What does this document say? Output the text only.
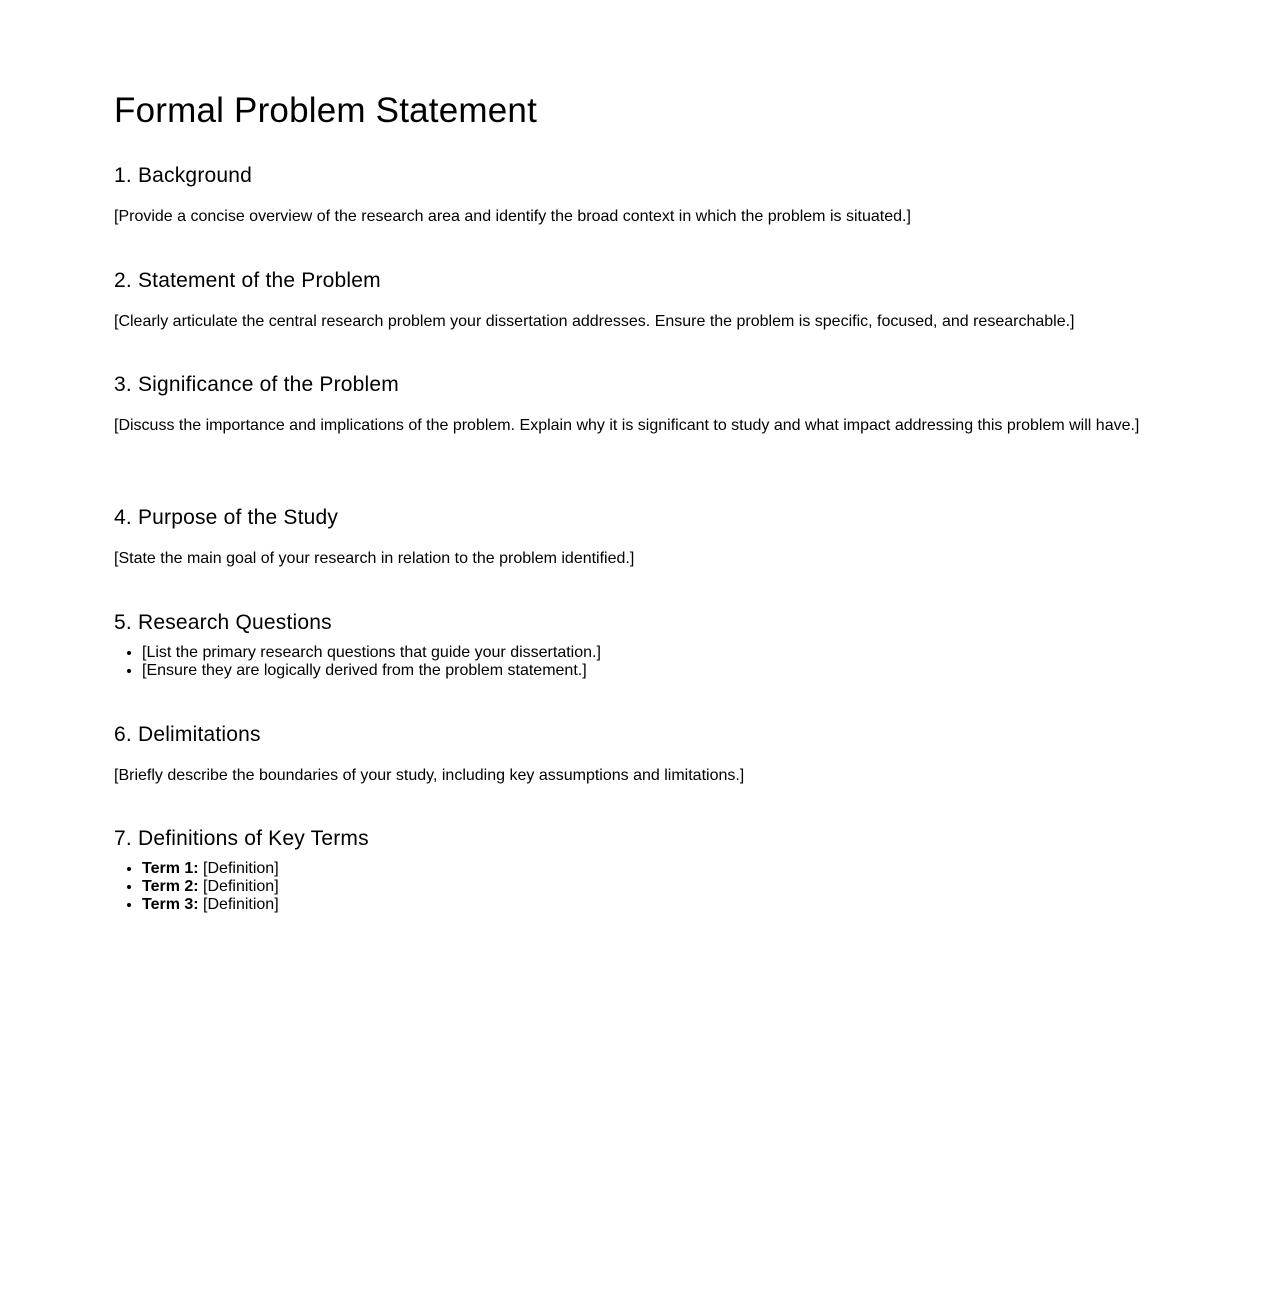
Formal Problem Statement
1. Background

[Provide a concise overview of the research area and identify the broad context in which the problem is situated.]

2. Statement of the Problem

[Clearly articulate the central research problem your dissertation addresses. Ensure the problem is specific, focused, and researchable.]

3. Significance of the Problem

[Discuss the importance and implications of the problem. Explain why it is significant to study and what impact addressing this problem will have.]

4. Purpose of the Study

[State the main goal of your research in relation to the problem identified.]

5. Research Questions
• [List the primary research questions that guide your dissertation.]
• [Ensure they are logically derived from the problem statement.]
6. Delimitations

[Briefly describe the boundaries of your study, including key assumptions and limitations.]

7. Definitions of Key Terms
• Term 1: [Definition]
• Term 2: [Definition]
• Term 3: [Definition]
